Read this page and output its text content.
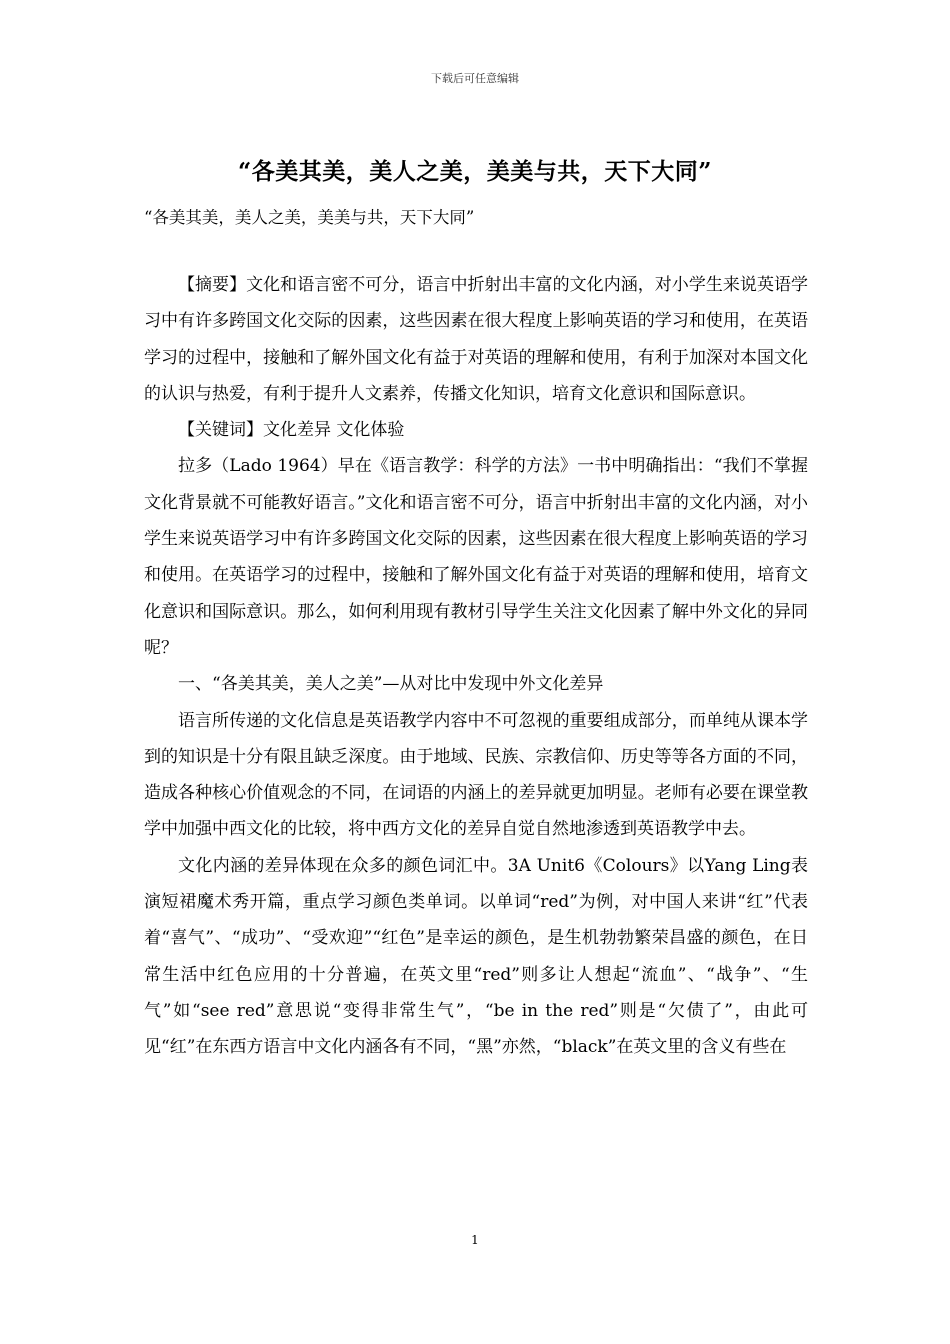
下载后可任意编辑
“各美其美，美人之美，美美与共，天下大同”
“各美其美，美人之美，美美与共，天下大同”

【摘要】文化和语言密不可分，语言中折射出丰富的文化内涵，对小学生来说英语学习中有许多跨国文化交际的因素，这些因素在很大程度上影响英语的学习和使用，在英语学习的过程中，接触和了解外国文化有益于对英语的理解和使用，有利于加深对本国文化的认识与热爱，有利于提升人文素养，传播文化知识，培育文化意识和国际意识。

【关键词】文化差异 文化体验

拉多（Lado 1964）早在《语言教学：科学的方法》一书中明确指出：“我们不掌握文化背景就不可能教好语言。”文化和语言密不可分，语言中折射出丰富的文化内涵，对小学生来说英语学习中有许多跨国文化交际的因素，这些因素在很大程度上影响英语的学习和使用。在英语学习的过程中，接触和了解外国文化有益于对英语的理解和使用，培育文化意识和国际意识。那么，如何利用现有教材引导学生关注文化因素了解中外文化的异同呢？

一、“各美其美，美人之美”—从对比中发现中外文化差异

语言所传递的文化信息是英语教学内容中不可忽视的重要组成部分，而单纯从课本学到的知识是十分有限且缺乏深度。由于地域、民族、宗教信仰、历史等等各方面的不同，造成各种核心价值观念的不同，在词语的内涵上的差异就更加明显。老师有必要在课堂教学中加强中西文化的比较，将中西方文化的差异自觉自然地渗透到英语教学中去。

文化内涵的差异体现在众多的颜色词汇中。3A Unit6《Colours》以Yang Ling表演短裙魔术秀开篇，重点学习颜色类单词。以单词“red”为例，对中国人来讲“红”代表着“喜气”、“成功”、“受欢迎”“红色”是幸运的颜色，是生机勃勃繁荣昌盛的颜色，在日常生活中红色应用的十分普遍，在英文里“red”则多让人想起“流血”、“战争”、“生气”如“see red”意思说“变得非常生气”，“be in the red”则是“欠债了”，由此可见“红”在东西方语言中文化内涵各有不同，“黑”亦然，“black”在英文里的含义有些在

1
